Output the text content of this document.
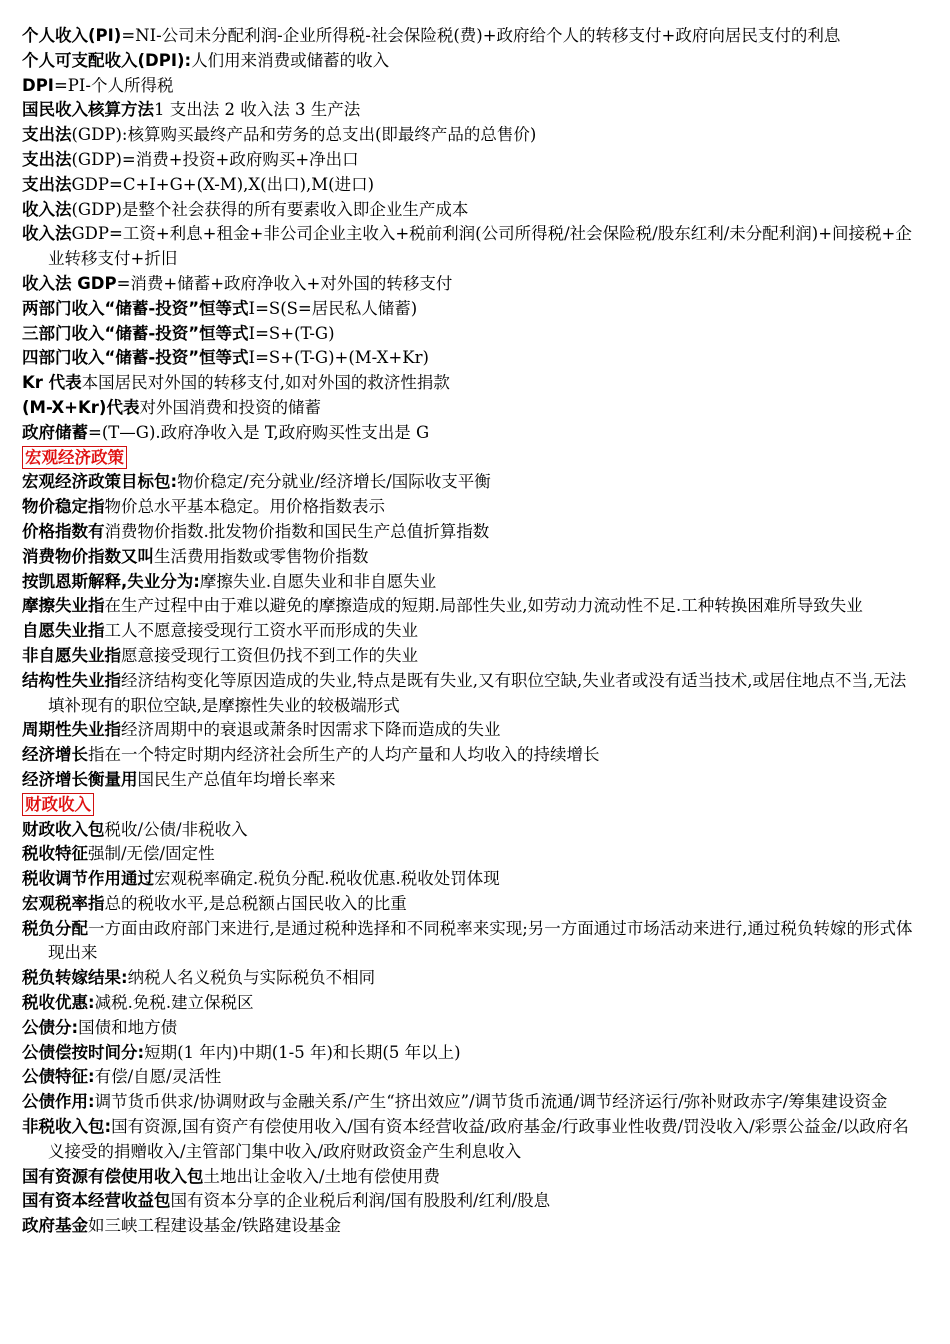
个人收入(PI)=NI-公司未分配利润-企业所得税-社会保险税(费)+政府给个人的转移支付+政府向居民支付的利息

个人可支配收入(DPI):人们用来消费或储蓄的收入

DPI=PI-个人所得税

国民收入核算方法1 支出法 2 收入法 3 生产法

支出法(GDP):核算购买最终产品和劳务的总支出(即最终产品的总售价)

支出法(GDP)=消费+投资+政府购买+净出口

支出法GDP=C+I+G+(X-M),X(出口),M(进口)

收入法(GDP)是整个社会获得的所有要素收入即企业生产成本

收入法GDP=工资+利息+租金+非公司企业主收入+税前利润(公司所得税/社会保险税/股东红利/未分配利润)+间接税+企业转移支付+折旧

收入法 GDP=消费+储蓄+政府净收入+对外国的转移支付

两部门收入“储蓄-投资”恒等式I=S(S=居民私人储蓄)

三部门收入“储蓄-投资”恒等式I=S+(T-G)

四部门收入“储蓄-投资”恒等式I=S+(T-G)+(M-X+Kr)

Kr 代表本国居民对外国的转移支付,如对外国的救济性捐款

(M-X+Kr)代表对外国消费和投资的储蓄

政府储蓄=(T—G).政府净收入是 T,政府购买性支出是 G

宏观经济政策

宏观经济政策目标包:物价稳定/充分就业/经济增长/国际收支平衡

物价稳定指物价总水平基本稳定。用价格指数表示

价格指数有消费物价指数.批发物价指数和国民生产总值折算指数

消费物价指数又叫生活费用指数或零售物价指数

按凯恩斯解释,失业分为:摩擦失业.自愿失业和非自愿失业

摩擦失业指在生产过程中由于难以避免的摩擦造成的短期.局部性失业,如劳动力流动性不足.工种转换困难所导致失业

自愿失业指工人不愿意接受现行工资水平而形成的失业

非自愿失业指愿意接受现行工资但仍找不到工作的失业

结构性失业指经济结构变化等原因造成的失业,特点是既有失业,又有职位空缺,失业者或没有适当技术,或居住地点不当,无法填补现有的职位空缺,是摩擦性失业的较极端形式

周期性失业指经济周期中的衰退或萧条时因需求下降而造成的失业

经济增长指在一个特定时期内经济社会所生产的人均产量和人均收入的持续增长

经济增长衡量用国民生产总值年均增长率来

财政收入

财政收入包税收/公债/非税收入

税收特征强制/无偿/固定性

税收调节作用通过宏观税率确定.税负分配.税收优惠.税收处罚体现

宏观税率指总的税收水平,是总税额占国民收入的比重

税负分配一方面由政府部门来进行,是通过税种选择和不同税率来实现;另一方面通过市场活动来进行,通过税负转嫁的形式体现出来

税负转嫁结果:纳税人名义税负与实际税负不相同

税收优惠:减税.免税.建立保税区

公债分:国债和地方债

公债偿按时间分:短期(1 年内)中期(1-5 年)和长期(5 年以上)

公债特征:有偿/自愿/灵活性

公债作用:调节货币供求/协调财政与金融关系/产生“挤出效应”/调节货币流通/调节经济运行/弥补财政赤字/筹集建设资金

非税收入包:国有资源,国有资产有偿使用收入/国有资本经营收益/政府基金/行政事业性收费/罚没收入/彩票公益金/以政府名义接受的捐赠收入/主管部门集中收入/政府财政资金产生利息收入

国有资源有偿使用收入包土地出让金收入/土地有偿使用费

国有资本经营收益包国有资本分享的企业税后利润/国有股股利/红利/股息

政府基金如三峡工程建设基金/铁路建设基金
